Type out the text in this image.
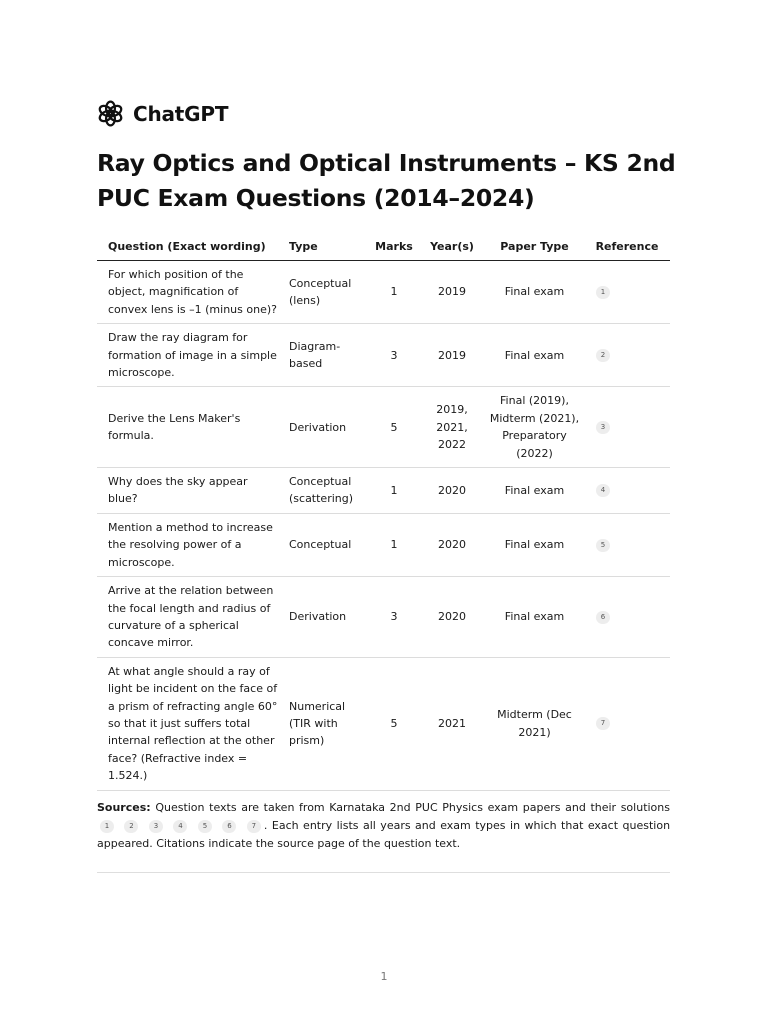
ChatGPT
Ray Optics and Optical Instruments – KS 2nd PUC Exam Questions (2014–2024)
Question (Exact wording)	Type	Marks	Year(s)	Paper Type	Reference
For which position of the object, magnification of convex lens is –1 (minus one)?	Conceptual (lens)	1	2019	Final exam	1
Draw the ray diagram for formation of image in a simple microscope.	Diagram-based	3	2019	Final exam	2
Derive the Lens Maker's formula.	Derivation	5	2019, 2021, 2022	Final (2019), Midterm (2021), Preparatory (2022)	3
Why does the sky appear blue?	Conceptual (scattering)	1	2020	Final exam	4
Mention a method to increase the resolving power of a microscope.	Conceptual	1	2020	Final exam	5
Arrive at the relation between the focal length and radius of curvature of a spherical concave mirror.	Derivation	3	2020	Final exam	6
At what angle should a ray of light be incident on the face of a prism of refracting angle 60° so that it just suffers total internal reflection at the other face? (Refractive index = 1.524.)	Numerical (TIR with prism)	5	2021	Midterm (Dec 2021)	7

Sources: Question texts are taken from Karnataka 2nd PUC Physics exam papers and their solutions 1	2	3	4	5	6	7 . Each entry lists all years and exam types in which that exact question appeared. Citations indicate the source page of the question text.

1
